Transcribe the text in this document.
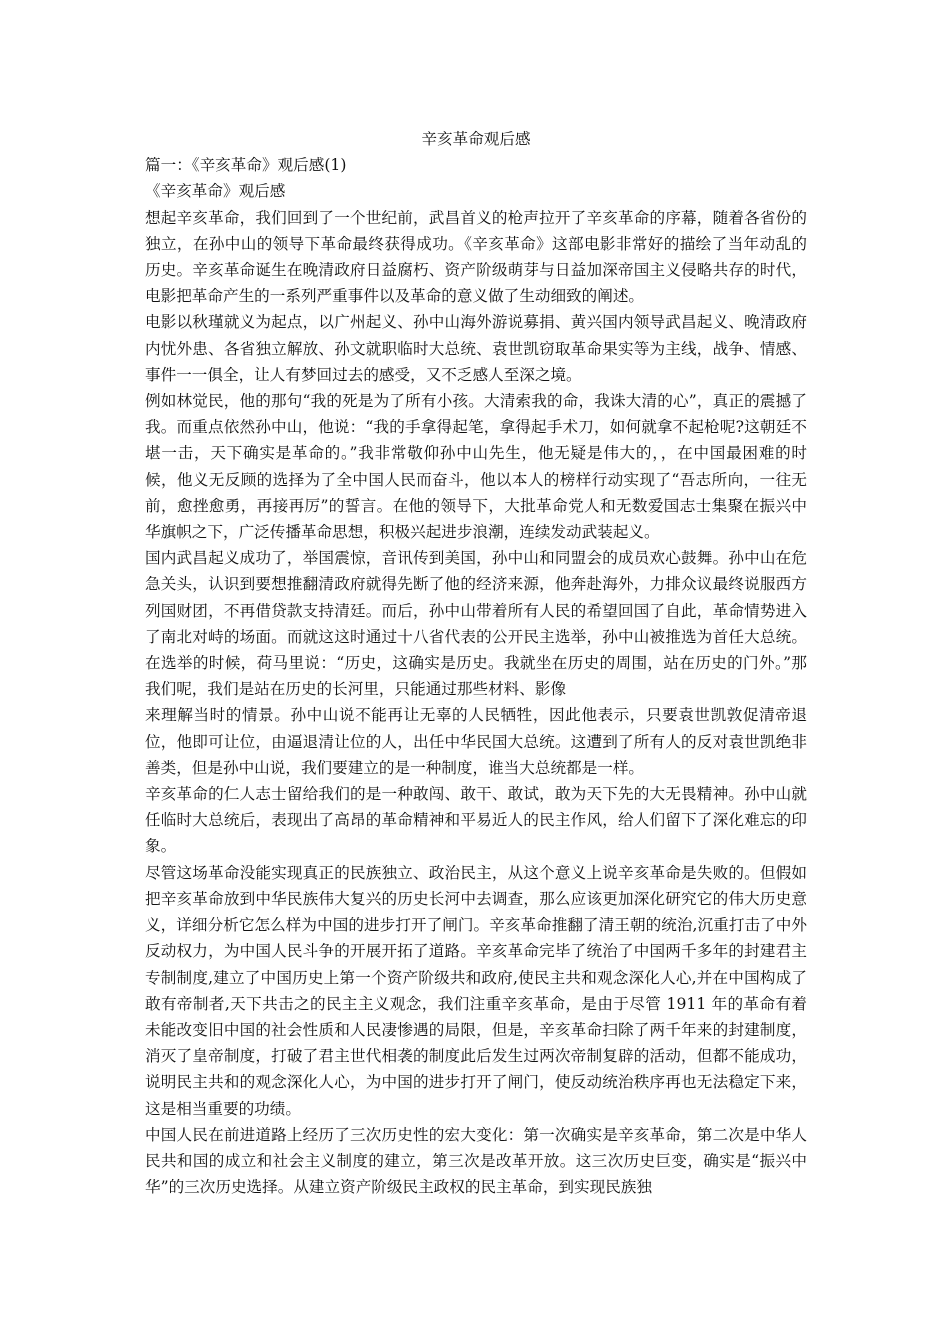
辛亥革命观后感

篇一：《辛亥革命》观后感(1)

《辛亥革命》观后感

想起辛亥革命，我们回到了一个世纪前，武昌首义的枪声拉开了辛亥革命的序幕，随着各省份的独立，在孙中山的领导下革命最终获得成功。《辛亥革命》这部电影非常好的描绘了当年动乱的历史。辛亥革命诞生在晚清政府日益腐朽、资产阶级萌芽与日益加深帝国主义侵略共存的时代，电影把革命产生的一系列严重事件以及革命的意义做了生动细致的阐述。

电影以秋瑾就义为起点，以广州起义、孙中山海外游说募捐、黄兴国内领导武昌起义、晚清政府内忧外患、各省独立解放、孙文就职临时大总统、袁世凯窃取革命果实等为主线，战争、情感、事件一一俱全，让人有梦回过去的感受，又不乏感人至深之境。

例如林觉民，他的那句“我的死是为了所有小孩。大清索我的命，我诛大清的心”，真正的震撼了我。而重点依然孙中山，他说：“我的手拿得起笔，拿得起手术刀，如何就拿不起枪呢?这朝廷不堪一击，天下确实是革命的。”我非常敬仰孙中山先生，他无疑是伟大的，，在中国最困难的时候，他义无反顾的选择为了全中国人民而奋斗，他以本人的榜样行动实现了“吾志所向，一往无前，愈挫愈勇，再接再厉”的誓言。在他的领导下，大批革命党人和无数爱国志士集聚在振兴中华旗帜之下，广泛传播革命思想，积极兴起进步浪潮，连续发动武装起义。

国内武昌起义成功了，举国震惊，音讯传到美国，孙中山和同盟会的成员欢心鼓舞。孙中山在危急关头，认识到要想推翻清政府就得先断了他的经济来源，他奔赴海外，力排众议最终说服西方列国财团，不再借贷款支持清廷。而后，孙中山带着所有人民的希望回国了自此，革命情势进入了南北对峙的场面。而就这这时通过十八省代表的公开民主选举，孙中山被推选为首任大总统。在选举的时候，荷马里说：“历史，这确实是历史。我就坐在历史的周围，站在历史的门外。”那我们呢，我们是站在历史的长河里，只能通过那些材料、影像

来理解当时的情景。孙中山说不能再让无辜的人民牺牲，因此他表示，只要袁世凯敦促清帝退位，他即可让位，由逼退清让位的人，出任中华民国大总统。这遭到了所有人的反对袁世凯绝非善类，但是孙中山说，我们要建立的是一种制度，谁当大总统都是一样。

辛亥革命的仁人志士留给我们的是一种敢闯、敢干、敢试，敢为天下先的大无畏精神。孙中山就任临时大总统后，表现出了高昂的革命精神和平易近人的民主作风，给人们留下了深化难忘的印象。

尽管这场革命没能实现真正的民族独立、政治民主，从这个意义上说辛亥革命是失败的。但假如把辛亥革命放到中华民族伟大复兴的历史长河中去调查，那么应该更加深化研究它的伟大历史意义，详细分析它怎么样为中国的进步打开了闸门。辛亥革命推翻了清王朝的统治,沉重打击了中外反动权力，为中国人民斗争的开展开拓了道路。辛亥革命完毕了统治了中国两千多年的封建君主专制制度,建立了中国历史上第一个资产阶级共和政府,使民主共和观念深化人心,并在中国构成了敢有帝制者,天下共击之的民主主义观念，我们注重辛亥革命，是由于尽管 1911 年的革命有着未能改变旧中国的社会性质和人民凄惨遇的局限，但是，辛亥革命扫除了两千年来的封建制度，消灭了皇帝制度，打破了君主世代相袭的制度此后发生过两次帝制复辟的活动，但都不能成功，说明民主共和的观念深化人心，为中国的进步打开了闸门，使反动统治秩序再也无法稳定下来，这是相当重要的功绩。

中国人民在前进道路上经历了三次历史性的宏大变化：第一次确实是辛亥革命，第二次是中华人民共和国的成立和社会主义制度的建立，第三次是改革开放。这三次历史巨变，确实是“振兴中华”的三次历史选择。从建立资产阶级民主政权的民主革命，到实现民族独
